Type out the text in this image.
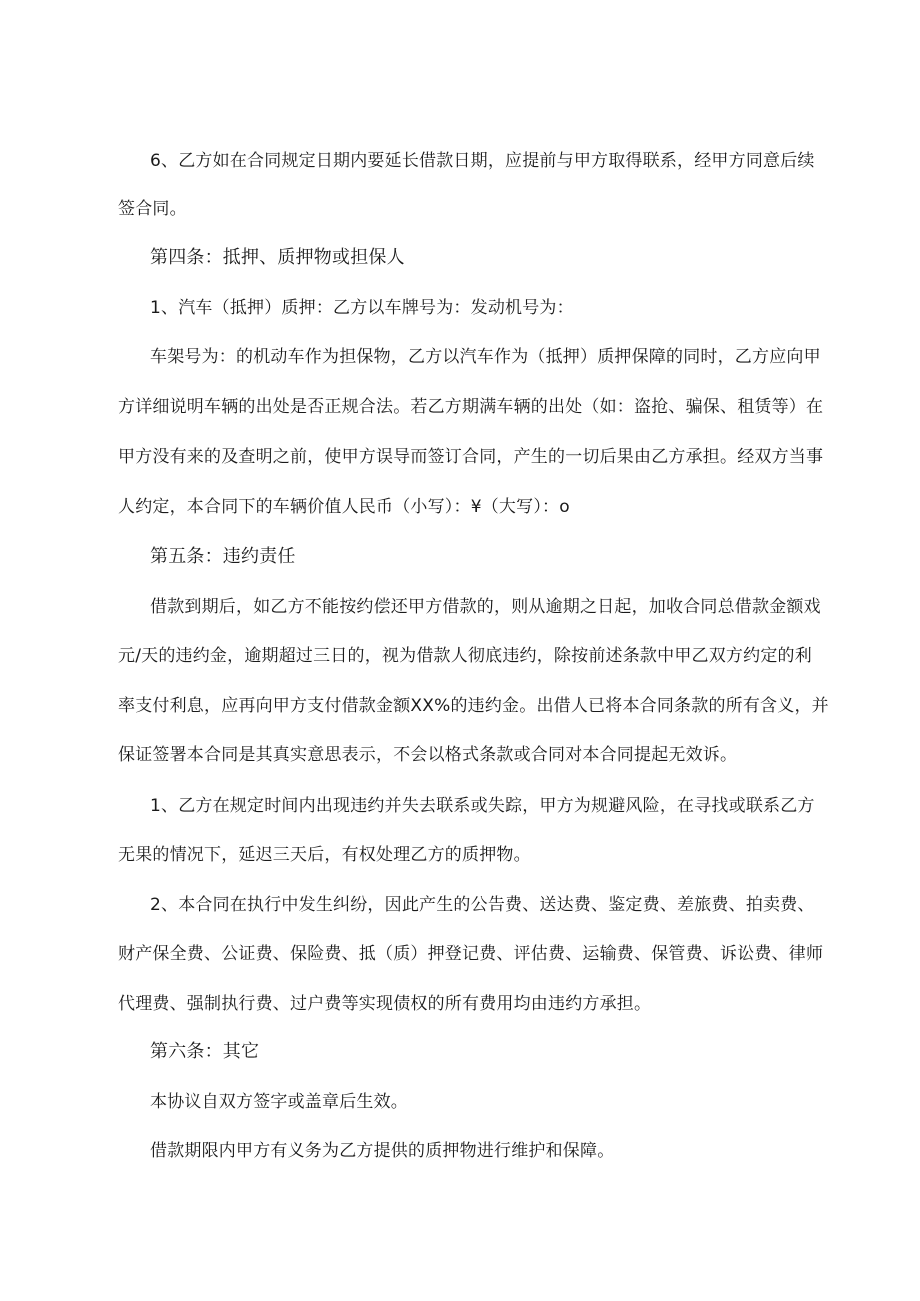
6、乙方如在合同规定日期内要延长借款日期，应提前与甲方取得联系，经甲方同意后续
签合同。
第四条：抵押、质押物或担保人
1、汽车（抵押）质押：乙方以车牌号为：发动机号为：
车架号为：的机动车作为担保物，乙方以汽车作为（抵押）质押保障的同时，乙方应向甲
方详细说明车辆的出处是否正规合法。若乙方期满车辆的出处（如：盗抢、骗保、租赁等）在
甲方没有来的及查明之前，使甲方误导而签订合同，产生的一切后果由乙方承担。经双方当事
人约定，本合同下的车辆价值人民币（小写）：¥（大写）：o
第五条：违约责任
借款到期后，如乙方不能按约偿还甲方借款的，则从逾期之日起，加收合同总借款金额戏
元/天的违约金，逾期超过三日的，视为借款人彻底违约，除按前述条款中甲乙双方约定的利
率支付利息，应再向甲方支付借款金额XX%的违约金。出借人已将本合同条款的所有含义，并
保证签署本合同是其真实意思表示，不会以格式条款或合同对本合同提起无效诉。
1、乙方在规定时间内出现违约并失去联系或失踪，甲方为规避风险，在寻找或联系乙方
无果的情况下，延迟三天后，有权处理乙方的质押物。
2、本合同在执行中发生纠纷，因此产生的公告费、送达费、鉴定费、差旅费、拍卖费、
财产保全费、公证费、保险费、抵（质）押登记费、评估费、运输费、保管费、诉讼费、律师
代理费、强制执行费、过户费等实现债权的所有费用均由违约方承担。
第六条：其它
本协议自双方签字或盖章后生效。
借款期限内甲方有义务为乙方提供的质押物进行维护和保障。
